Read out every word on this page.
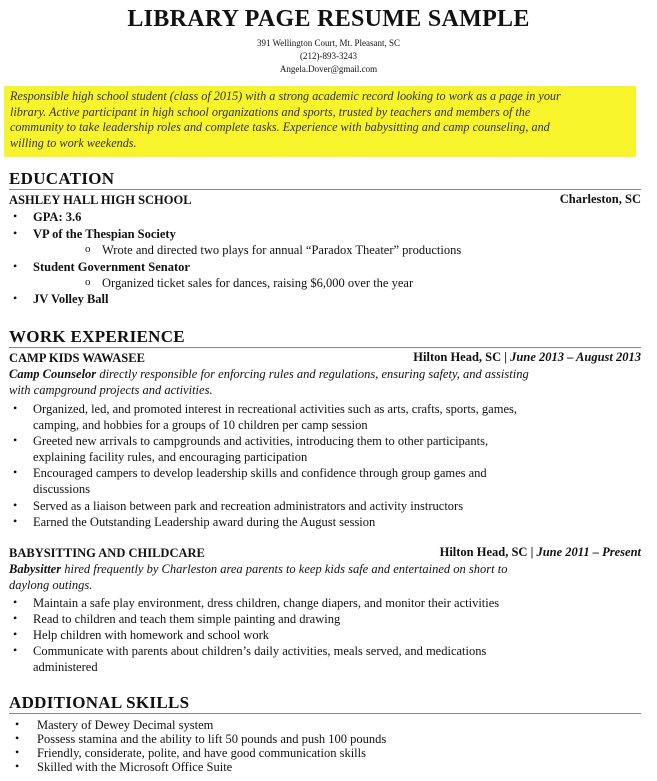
LIBRARY PAGE RESUME SAMPLE
391 Wellington Court, Mt. Pleasant, SC
(212)-893-3243
Angela.Dover@gmail.com
Responsible high school student (class of 2015) with a strong academic record looking to work as a page in your
library. Active participant in high school organizations and sports, trusted by teachers and members of the
community to take leadership roles and complete tasks. Experience with babysitting and camp counseling, and
willing to work weekends.
EDUCATION
ASHLEY HALL HIGH SCHOOL	Charleston, SC
• GPA: 3.6
• VP of the Thespian Society
o Wrote and directed two plays for annual “Paradox Theater” productions
• Student Government Senator
o Organized ticket sales for dances, raising $6,000 over the year
• JV Volley Ball
WORK EXPERIENCE
CAMP KIDS WAWASEE	Hilton Head, SC | June 2013 – August 2013
Camp Counselor directly responsible for enforcing rules and regulations, ensuring safety, and assisting
with campground projects and activities.
• Organized, led, and promoted interest in recreational activities such as arts, crafts, sports, games,
camping, and hobbies for a groups of 10 children per camp session
• Greeted new arrivals to campgrounds and activities, introducing them to other participants,
explaining facility rules, and encouraging participation
• Encouraged campers to develop leadership skills and confidence through group games and
discussions
• Served as a liaison between park and recreation administrators and activity instructors
• Earned the Outstanding Leadership award during the August session
BABYSITTING AND CHILDCARE	Hilton Head, SC | June 2011 – Present
Babysitter hired frequently by Charleston area parents to keep kids safe and entertained on short to
daylong outings.
• Maintain a safe play environment, dress children, change diapers, and monitor their activities
• Read to children and teach them simple painting and drawing
• Help children with homework and school work
• Communicate with parents about children’s daily activities, meals served, and medications
administered
ADDITIONAL SKILLS
• Mastery of Dewey Decimal system
• Possess stamina and the ability to lift 50 pounds and push 100 pounds
• Friendly, considerate, polite, and have good communication skills
• Skilled with the Microsoft Office Suite
